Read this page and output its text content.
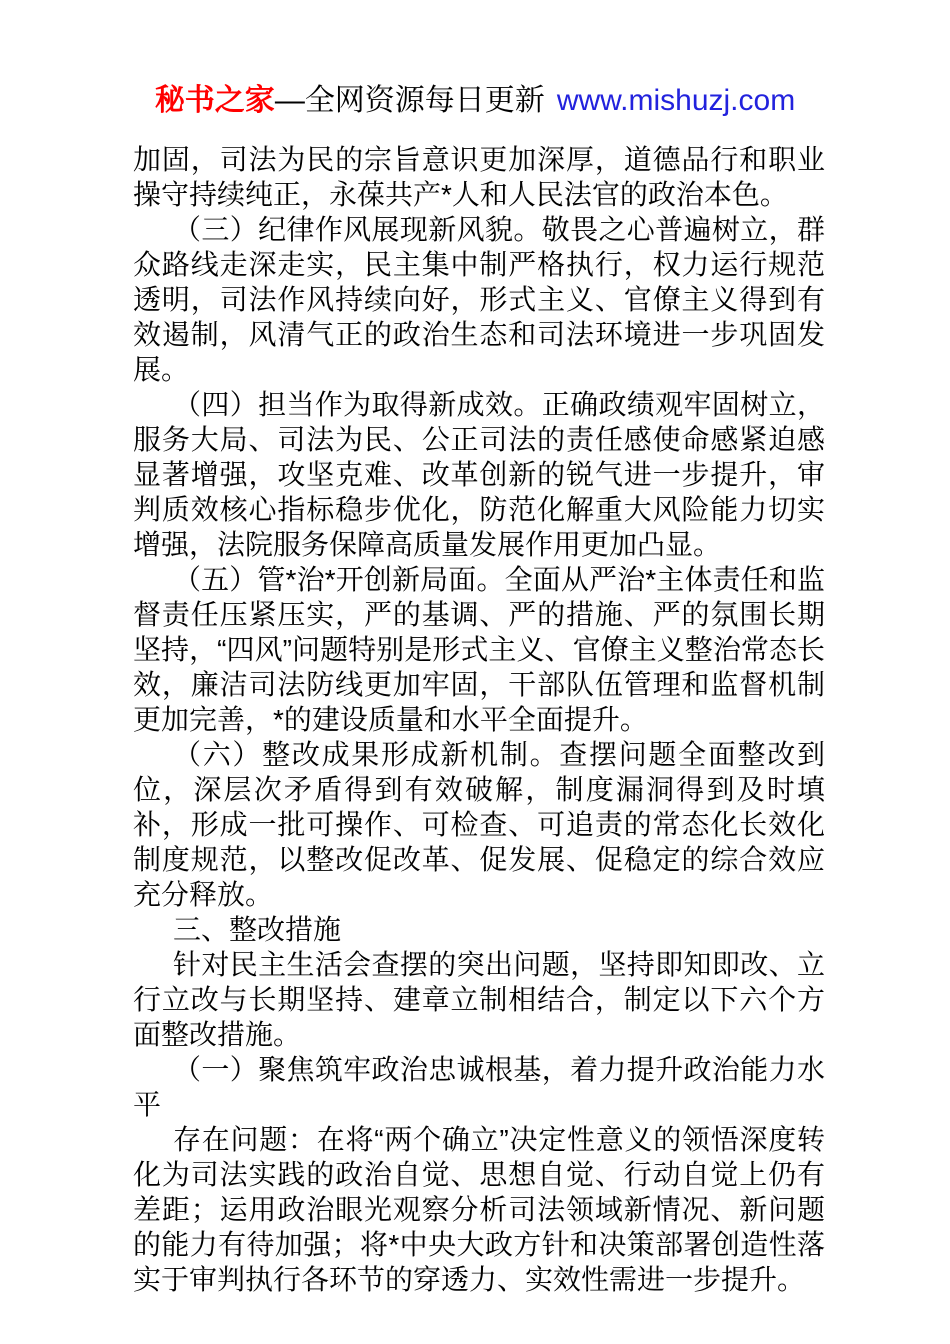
秘书之家—全网资源每日更新 www.mishuzj.com

加固，司法为民的宗旨意识更加深厚，道德品行和职业操守持续纯正，永葆共产*人和人民法官的政治本色。

（三）纪律作风展现新风貌。敬畏之心普遍树立，群众路线走深走实，民主集中制严格执行，权力运行规范透明，司法作风持续向好，形式主义、官僚主义得到有效遏制，风清气正的政治生态和司法环境进一步巩固发展。

（四）担当作为取得新成效。正确政绩观牢固树立，服务大局、司法为民、公正司法的责任感使命感紧迫感显著增强，攻坚克难、改革创新的锐气进一步提升，审判质效核心指标稳步优化，防范化解重大风险能力切实增强，法院服务保障高质量发展作用更加凸显。

（五）管*治*开创新局面。全面从严治*主体责任和监督责任压紧压实，严的基调、严的措施、严的氛围长期坚持，“四风”问题特别是形式主义、官僚主义整治常态长效，廉洁司法防线更加牢固，干部队伍管理和监督机制更加完善，*的建设质量和水平全面提升。

（六）整改成果形成新机制。查摆问题全面整改到位，深层次矛盾得到有效破解，制度漏洞得到及时填补，形成一批可操作、可检查、可追责的常态化长效化制度规范，以整改促改革、促发展、促稳定的综合效应充分释放。

三、整改措施

针对民主生活会查摆的突出问题，坚持即知即改、立行立改与长期坚持、建章立制相结合，制定以下六个方面整改措施。

（一）聚焦筑牢政治忠诚根基，着力提升政治能力水平

存在问题：在将“两个确立”决定性意义的领悟深度转化为司法实践的政治自觉、思想自觉、行动自觉上仍有差距；运用政治眼光观察分析司法领域新情况、新问题的能力有待加强；将*中央大政方针和决策部署创造性落实于审判执行各环节的穿透力、实效性需进一步提升。
